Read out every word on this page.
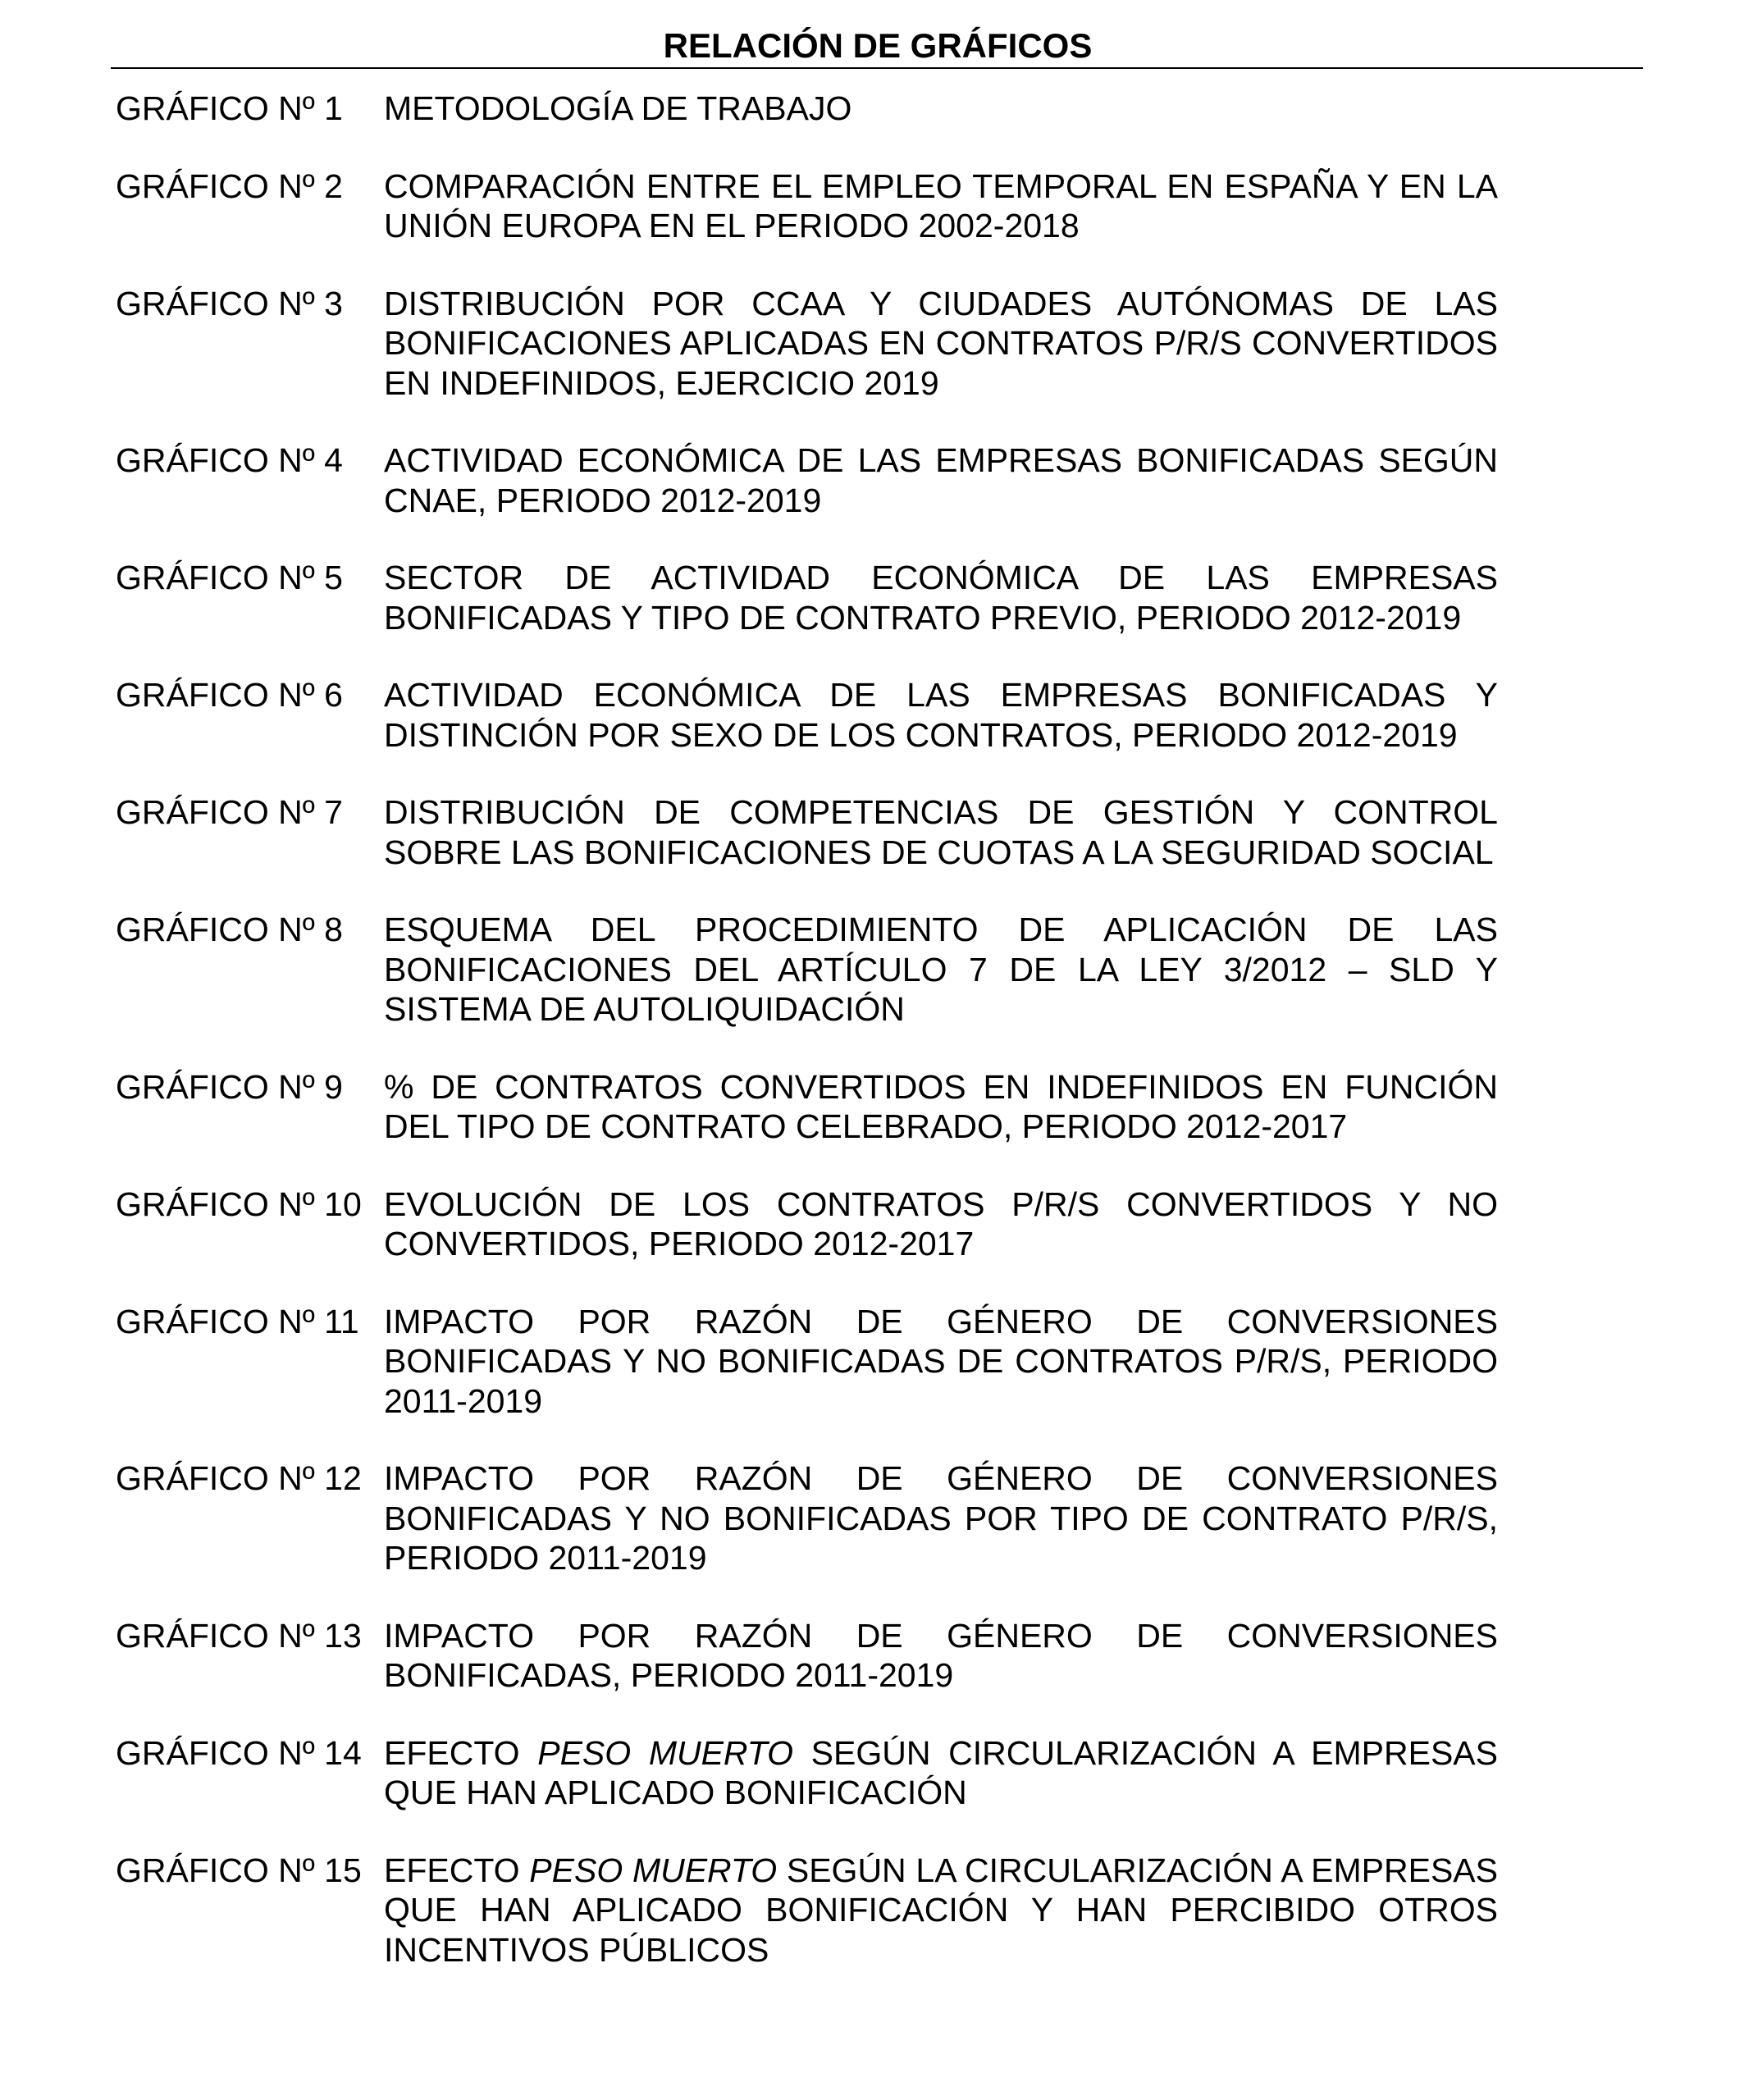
RELACIÓN DE GRÁFICOS
GRÁFICO Nº 1	METODOLOGÍA DE TRABAJO
GRÁFICO Nº 2	COMPARACIÓN ENTRE EL EMPLEO TEMPORAL EN ESPAÑA Y EN LA UNIÓN EUROPA EN EL PERIODO 2002-2018
GRÁFICO Nº 3	DISTRIBUCIÓN POR CCAA Y CIUDADES AUTÓNOMAS DE LAS BONIFICACIONES APLICADAS EN CONTRATOS P/R/S CONVERTIDOS EN INDEFINIDOS, EJERCICIO 2019
GRÁFICO Nº 4	ACTIVIDAD ECONÓMICA DE LAS EMPRESAS BONIFICADAS SEGÚN CNAE, PERIODO 2012-2019
GRÁFICO Nº 5	SECTOR DE ACTIVIDAD ECONÓMICA DE LAS EMPRESAS BONIFICADAS Y TIPO DE CONTRATO PREVIO, PERIODO 2012-2019
GRÁFICO Nº 6	ACTIVIDAD ECONÓMICA DE LAS EMPRESAS BONIFICADAS Y DISTINCIÓN POR SEXO DE LOS CONTRATOS, PERIODO 2012-2019
GRÁFICO Nº 7	DISTRIBUCIÓN DE COMPETENCIAS DE GESTIÓN Y CONTROL SOBRE LAS BONIFICACIONES DE CUOTAS A LA SEGURIDAD SOCIAL
GRÁFICO Nº 8	ESQUEMA DEL PROCEDIMIENTO DE APLICACIÓN DE LAS BONIFICACIONES DEL ARTÍCULO 7 DE LA LEY 3/2012 – SLD Y SISTEMA DE AUTOLIQUIDACIÓN
GRÁFICO Nº 9	% DE CONTRATOS CONVERTIDOS EN INDEFINIDOS EN FUNCIÓN DEL TIPO DE CONTRATO CELEBRADO, PERIODO 2012-2017
GRÁFICO Nº 10 EVOLUCIÓN DE LOS CONTRATOS P/R/S CONVERTIDOS Y NO CONVERTIDOS, PERIODO 2012-2017
GRÁFICO Nº 11 IMPACTO POR RAZÓN DE GÉNERO DE CONVERSIONES BONIFICADAS Y NO BONIFICADAS DE CONTRATOS P/R/S, PERIODO 2011-2019
GRÁFICO Nº 12 IMPACTO POR RAZÓN DE GÉNERO DE CONVERSIONES BONIFICADAS Y NO BONIFICADAS POR TIPO DE CONTRATO P/R/S, PERIODO 2011-2019
GRÁFICO Nº 13 IMPACTO POR RAZÓN DE GÉNERO DE CONVERSIONES BONIFICADAS, PERIODO 2011-2019
GRÁFICO Nº 14 EFECTO PESO MUERTO SEGÚN CIRCULARIZACIÓN A EMPRESAS QUE HAN APLICADO BONIFICACIÓN
GRÁFICO Nº 15 EFECTO PESO MUERTO SEGÚN LA CIRCULARIZACIÓN A EMPRESAS QUE HAN APLICADO BONIFICACIÓN Y HAN PERCIBIDO OTROS INCENTIVOS PÚBLICOS
